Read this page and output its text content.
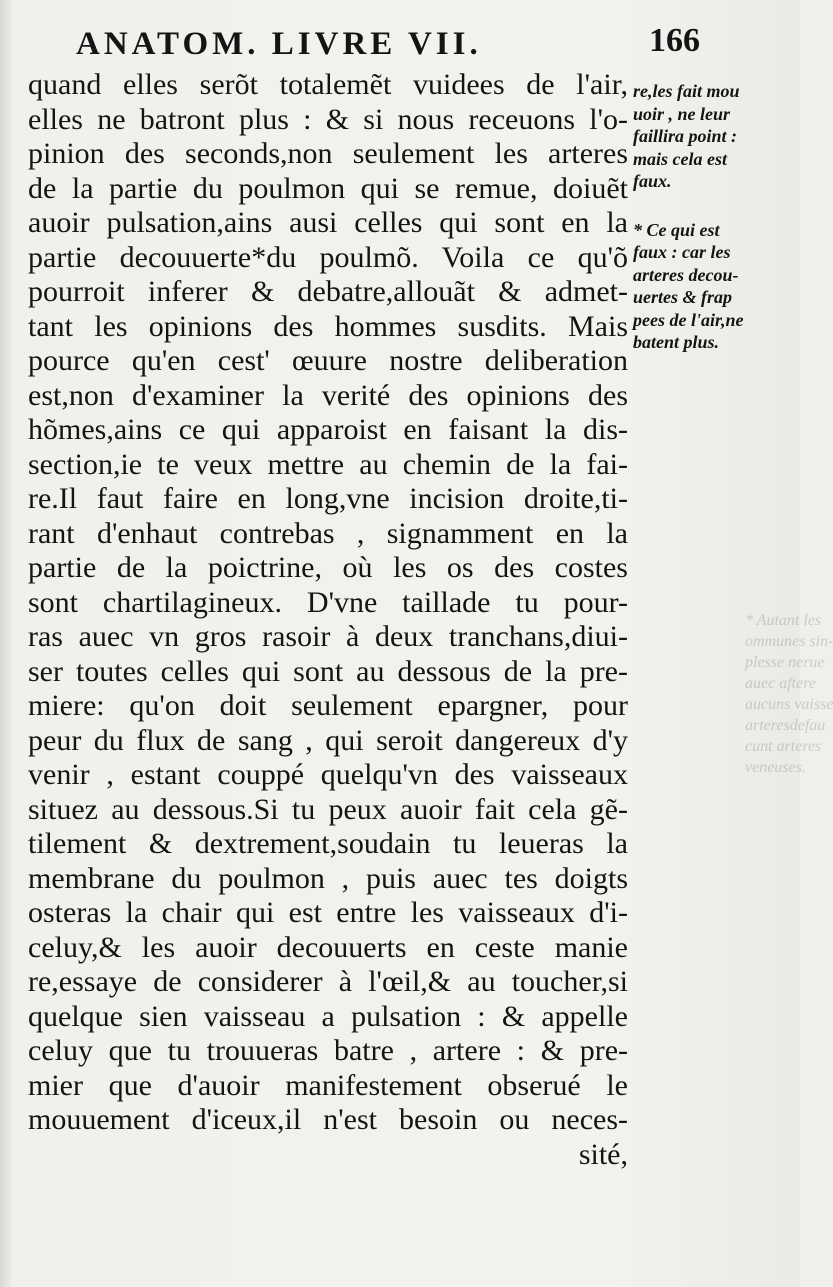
ANATOM. LIVRE VII.	166
quand elles serõt totalemẽt vuidees de l'air,
elles ne batront plus : & si nous receuons l'o-
pinion des seconds,non seulement les arteres
de la partie du poulmon qui se remue, doiuẽt
auoir pulsation,ains ausi celles qui sont en la
partie decouuerte*du poulmõ. Voila ce qu'õ
pourroit inferer & debatre,allouãt & admet-
tant les opinions des hommes susdits. Mais
pource qu'en cest' œuure nostre deliberation
est,non d'examiner la verité des opinions des
hõmes,ains ce qui apparoist en faisant la dis-
section,ie te veux mettre au chemin de la fai-
re.Il faut faire en long,vne incision droite,ti-
rant d'enhaut contrebas , signamment en la
partie de la poictrine, où les os des costes
sont chartilagineux. D'vne taillade tu pour-
ras auec vn gros rasoir à deux tranchans,diui-
ser toutes celles qui sont au dessous de la pre-
miere: qu'on doit seulement epargner, pour
peur du flux de sang , qui seroit dangereux d'y
venir , estant couppé quelqu'vn des vaisseaux
situez au dessous.Si tu peux auoir fait cela gẽ-
tilement & dextrement,soudain tu leueras la
membrane du poulmon , puis auec tes doigts
osteras la chair qui est entre les vaisseaux d'i-
celuy,& les auoir decouuerts en ceste manie
re,essaye de considerer à l'œil,& au toucher,si
quelque sien vaisseau a pulsation : & appelle
celuy que tu trouueras batre , artere : & pre-
mier que d'auoir manifestement obserué le
mouuement d'iceux,il n'est besoin ou neces-
sité,
re,les fait mou
uoir , ne leur
faillira point :
mais cela est
faux.
* Ce qui est
faux : car les
arteres decou-
uertes & frap
pees de l'air,ne
batent plus.
* Autant les
ommunes sin-
plesse nerue
auec aftere
aucuns vaisse
arteresdefau
cunt arteres
veneuses.
